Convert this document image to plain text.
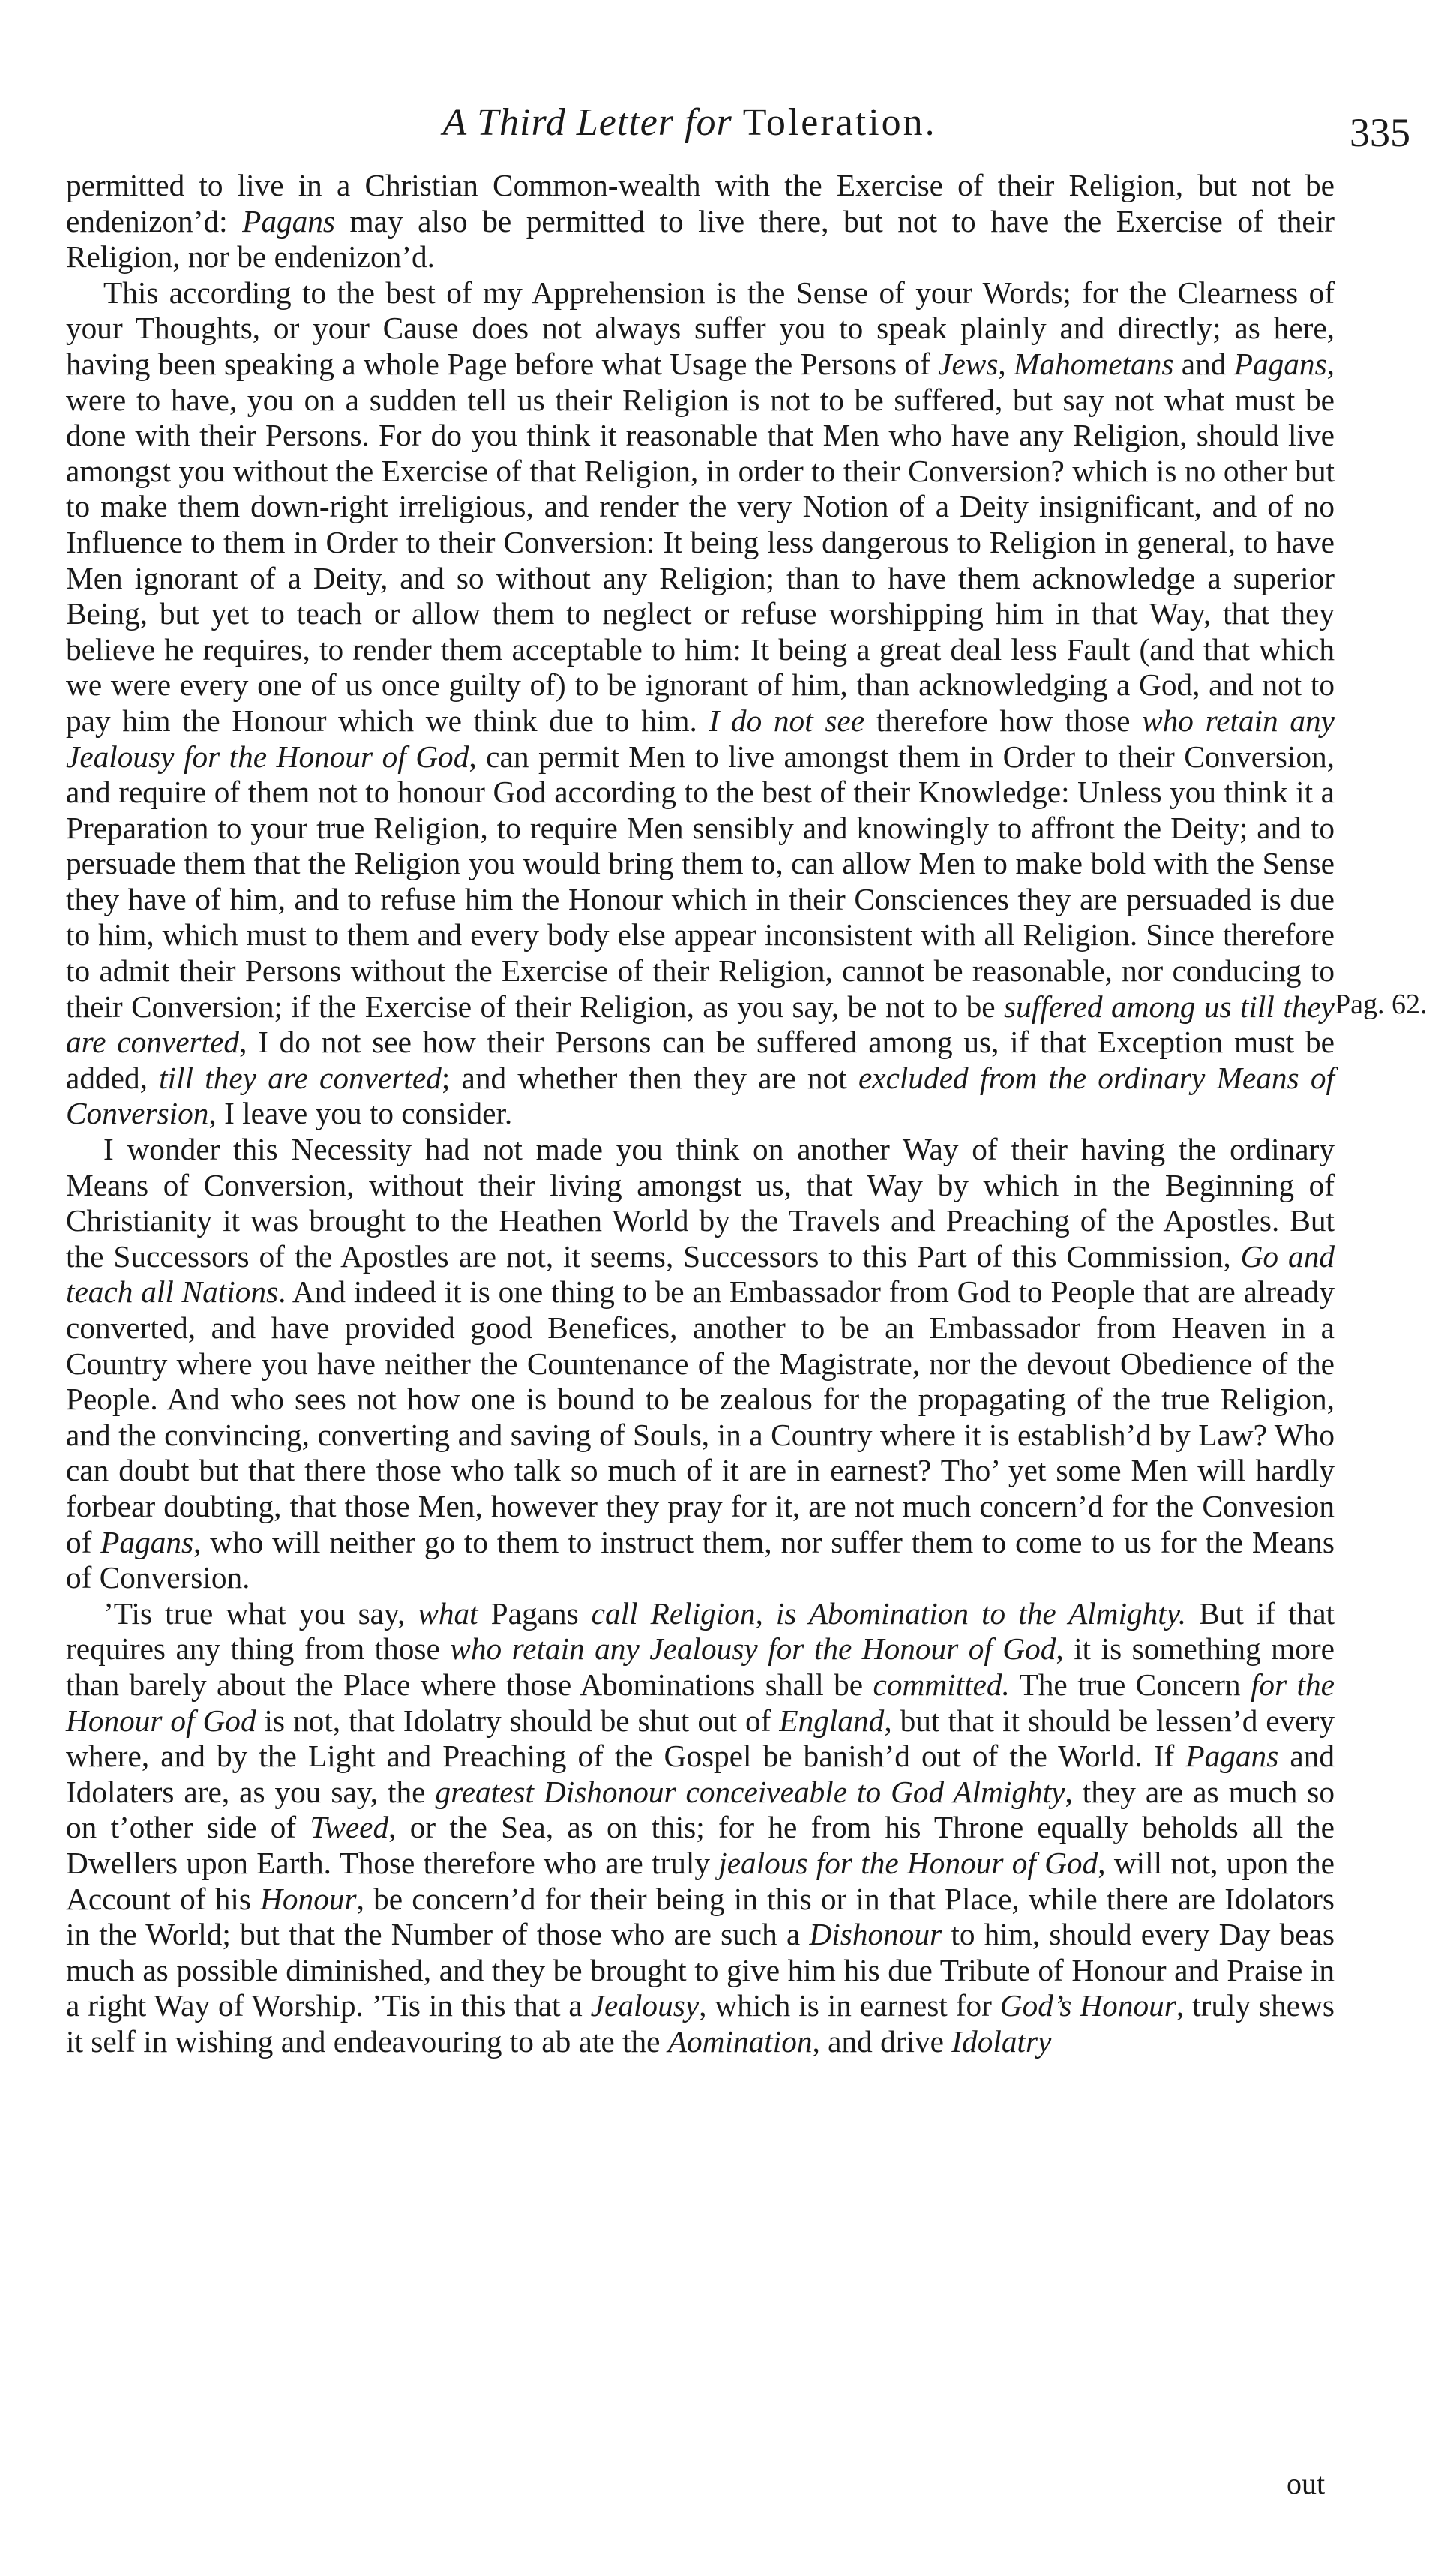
A Third Letter for Toleration.	335

permitted to live in a Christian Common-wealth with the Exercise of their Religion, but not be endenizon’d: Pagans may also be permitted to live there, but not to have the Exercise of their Religion, nor be endenizon’d.

This according to the best of my Apprehension is the Sense of your Words; for the Clearness of your Thoughts, or your Cause does not always suffer you to speak plainly and directly; as here, having been speaking a whole Page before what Usage the Persons of Jews, Mahometans and Pagans, were to have, you on a sudden tell us their Religion is not to be suffered, but say not what must be done with their Persons. For do you think it reasonable that Men who have any Religion, should live amongst you without the Exercise of that Religion, in order to their Conversion? which is no other but to make them down-right irreligious, and render the very Notion of a Deity insignificant, and of no Influence to them in Order to their Conversion: It being less dangerous to Religion in general, to have Men ignorant of a Deity, and so without any Religion; than to have them acknowledge a superior Being, but yet to teach or allow them to neglect or refuse worshipping him in that Way, that they believe he requires, to render them acceptable to him: It being a great deal less Fault (and that which we were every one of us once guilty of) to be ignorant of him, than acknowledging a God, and not to pay him the Honour which we think due to him. I do not see therefore how those who retain any Jealousy for the Honour of God, can permit Men to live amongst them in Order to their Conversion, and require of them not to honour God according to the best of their Knowledge: Unless you think it a Preparation to your true Religion, to require Men sensibly and knowingly to affront the Deity; and to persuade them that the Religion you would bring them to, can allow Men to make bold with the Sense they have of him, and to refuse him the Honour which in their Consciences they are persuaded is due to him, which must to them and every body else appear inconsistent with all Religion. Since therefore to admit their Persons without the Exercise of their Religion, cannot be reasonable, nor conducing to their Conversion; if the Exercise of their Religion, as you say, be not to be suffered among us till they are converted, I do not see how their Persons can be suffered among us, if that Exception must be added, till they are converted; and whether then they are not excluded from the ordinary Means of Conversion, I leave you to consider.

I wonder this Necessity had not made you think on another Way of their having the ordinary Means of Conversion, without their living amongst us, that Way by which in the Beginning of Christianity it was brought to the Heathen World by the Travels and Preaching of the Apostles. But the Successors of the Apostles are not, it seems, Successors to this Part of this Commission, Go and teach all Nations. And indeed it is one thing to be an Embassador from God to People that are already converted, and have provided good Benefices, another to be an Embassador from Heaven in a Country where you have neither the Countenance of the Magistrate, nor the devout Obedience of the People. And who sees not how one is bound to be zealous for the propagating of the true Religion, and the convincing, converting and saving of Souls, in a Country where it is establish’d by Law? Who can doubt but that there those who talk so much of it are in earnest? Tho’ yet some Men will hardly forbear doubting, that those Men, however they pray for it, are not much concern’d for the Convesion of Pagans, who will neither go to them to instruct them, nor suffer them to come to us for the Means of Conversion.

’Tis true what you say, what Pagans call Religion, is Abomination to the Almighty. But if that requires any thing from those who retain any Jealousy for the Honour of God, it is something more than barely about the Place where those Abominations shall be committed. The true Concern for the Honour of God is not, that Idolatry should be shut out of England, but that it should be lessen’d every where, and by the Light and Preaching of the Gospel be banish’d out of the World. If Pagans and Idolaters are, as you say, the greatest Dishonour conceiveable to God Almighty, they are as much so on t’other side of Tweed, or the Sea, as on this; for he from his Throne equally beholds all the Dwellers upon Earth. Those therefore who are truly jealous for the Honour of God, will not, upon the Account of his Honour, be concern’d for their being in this or in that Place, while there are Idolators in the World; but that the Number of those who are such a Dishonour to him, should every Day beas much as possible diminished, and they be brought to give him his due Tribute of Honour and Praise in a right Way of Worship. ’Tis in this that a Jealousy, which is in earnest for God’s Honour, truly shews it self in wishing and endeavouring to ab ate the Aomination, and drive Idolatry

Pag. 62.
out
